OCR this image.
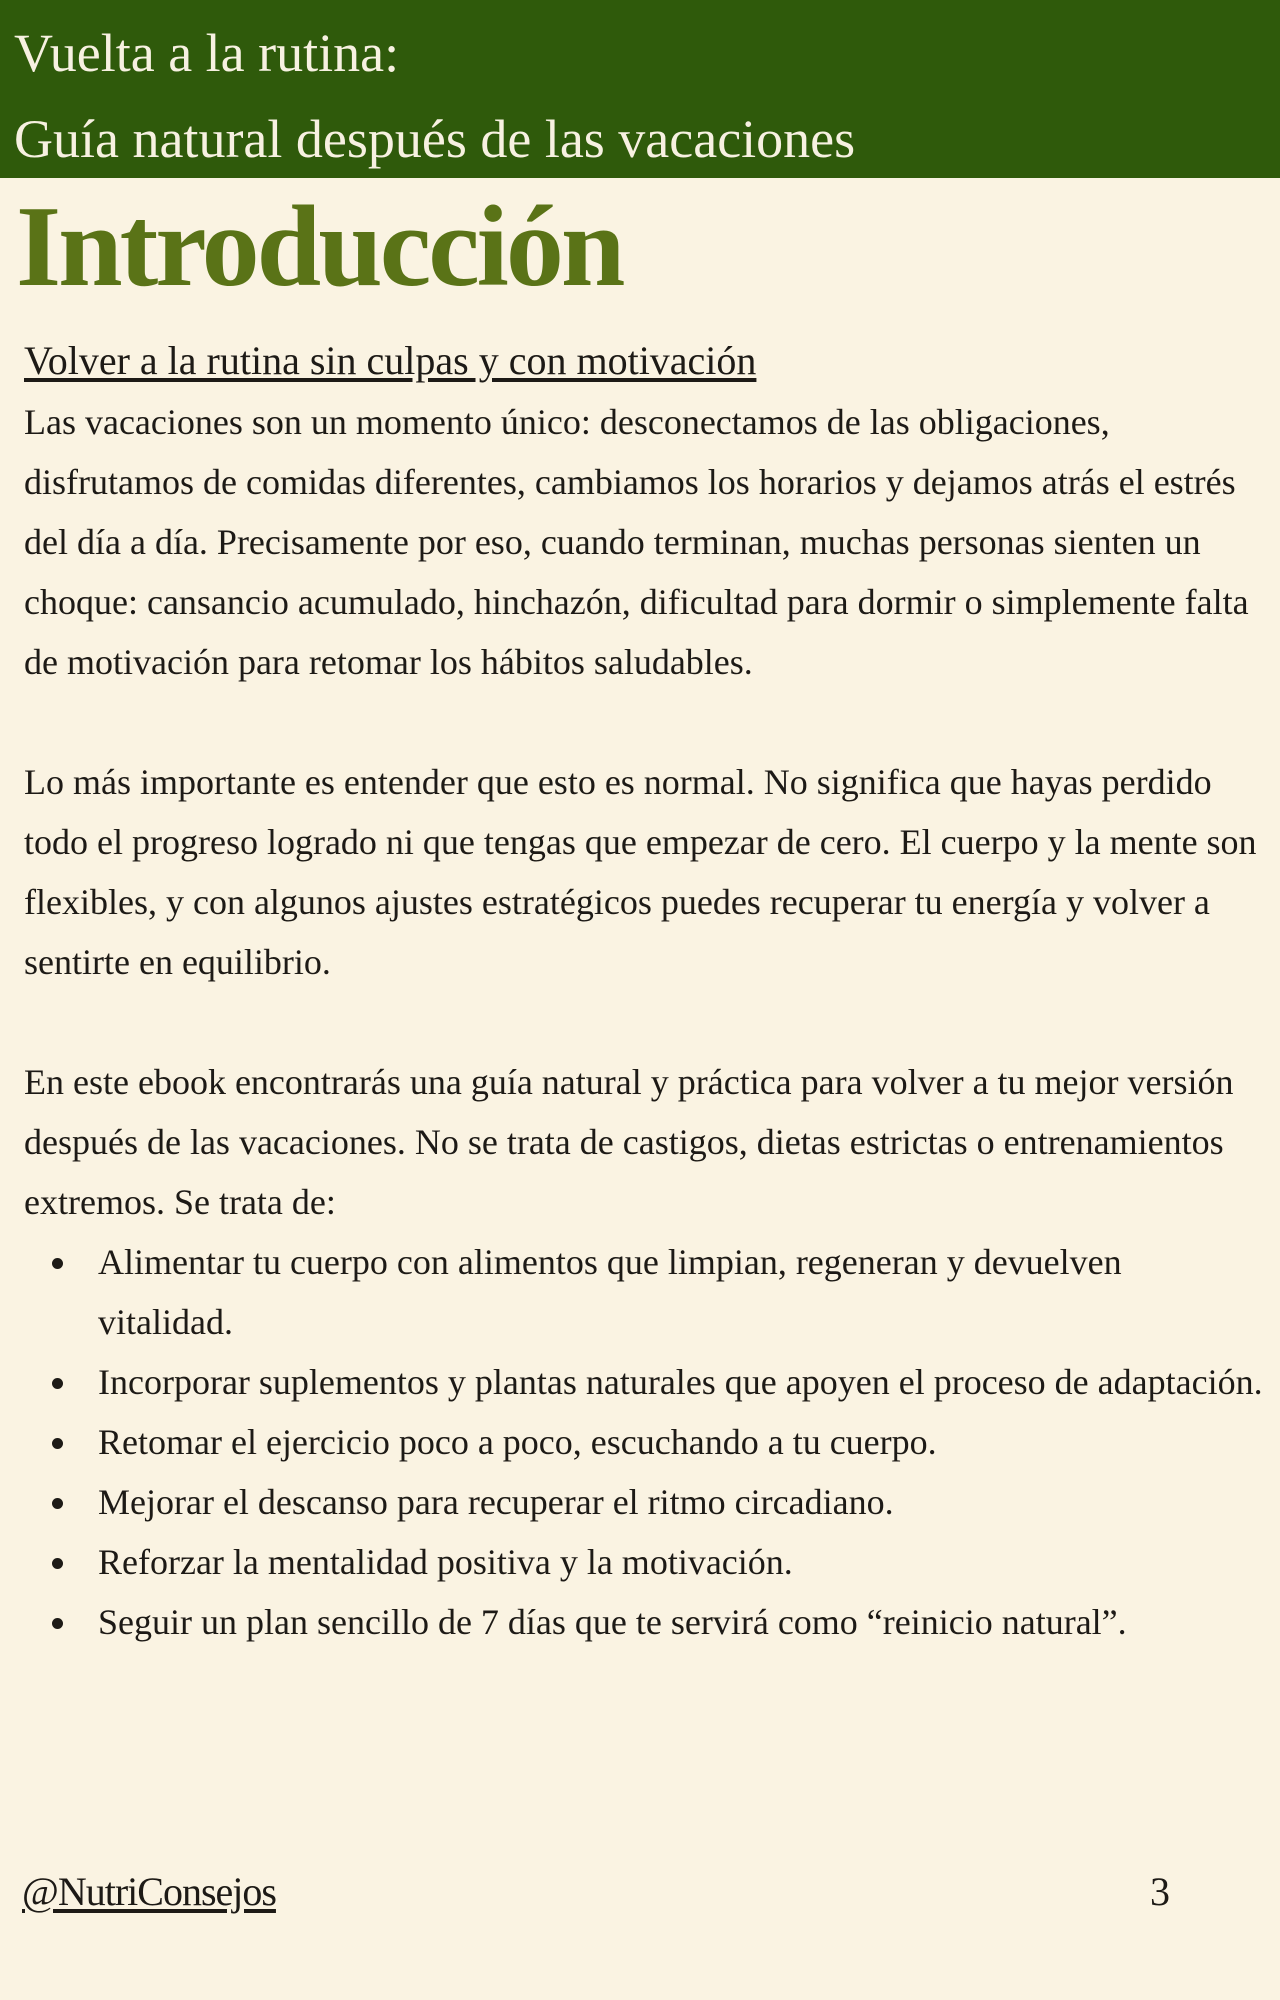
Vuelta a la rutina:
Guía natural después de las vacaciones
Introducción
Volver a la rutina sin culpas y con motivación

Las vacaciones son un momento único: desconectamos de las obligaciones, disfrutamos de comidas diferentes, cambiamos los horarios y dejamos atrás el estrés del día a día. Precisamente por eso, cuando terminan, muchas personas sienten un choque: cansancio acumulado, hinchazón, dificultad para dormir o simplemente falta de motivación para retomar los hábitos saludables.

Lo más importante es entender que esto es normal. No significa que hayas perdido todo el progreso logrado ni que tengas que empezar de cero. El cuerpo y la mente son flexibles, y con algunos ajustes estratégicos puedes recuperar tu energía y volver a sentirte en equilibrio.

En este ebook encontrarás una guía natural y práctica para volver a tu mejor versión después de las vacaciones. No se trata de castigos, dietas estrictas o entrenamientos extremos. Se trata de:

Alimentar tu cuerpo con alimentos que limpian, regeneran y devuelven vitalidad.
Incorporar suplementos y plantas naturales que apoyen el proceso de adaptación.
Retomar el ejercicio poco a poco, escuchando a tu cuerpo.
Mejorar el descanso para recuperar el ritmo circadiano.
Reforzar la mentalidad positiva y la motivación.
Seguir un plan sencillo de 7 días que te servirá como “reinicio natural”.
@NutriConsejos	3
